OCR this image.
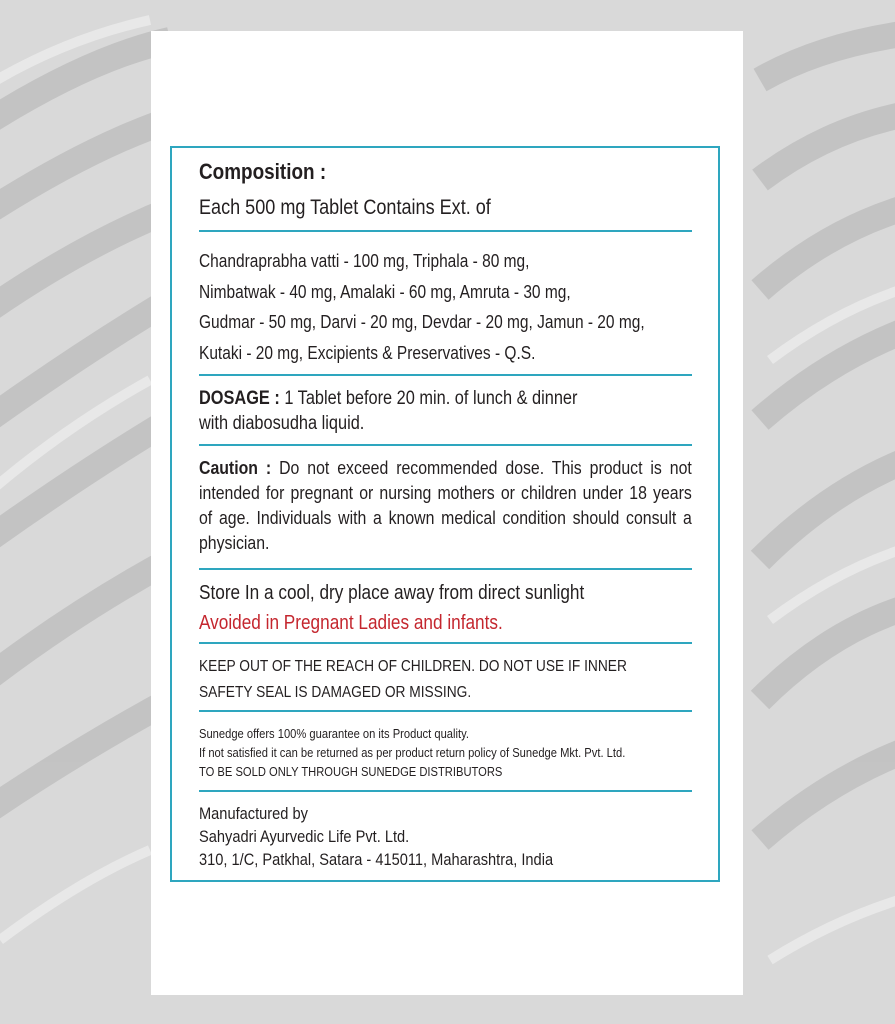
Composition :
Each 500 mg Tablet Contains Ext. of
Chandraprabha vatti - 100 mg, Triphala - 80 mg,
Nimbatwak - 40 mg, Amalaki - 60 mg, Amruta - 30 mg,
Gudmar - 50 mg, Darvi - 20 mg, Devdar - 20 mg, Jamun - 20 mg,
Kutaki - 20 mg, Excipients & Preservatives - Q.S.
DOSAGE : 1 Tablet before 20 min. of lunch & dinner
with diabosudha liquid.
Caution : Do not exceed recommended dose. This product is not intended for pregnant or nursing mothers or children under 18 years of age. Individuals with a known medical condition should consult a physician.
Store In a cool, dry place away from direct sunlight
Avoided in Pregnant Ladies and infants.
KEEP OUT OF THE REACH OF CHILDREN. DO NOT USE IF INNER
SAFETY SEAL IS DAMAGED OR MISSING.
Sunedge offers 100% guarantee on its Product quality.
If not satisfied it can be returned as per product return policy of Sunedge Mkt. Pvt. Ltd.
TO BE SOLD ONLY THROUGH SUNEDGE DISTRIBUTORS
Manufactured by
Sahyadri Ayurvedic Life Pvt. Ltd.
310, 1/C, Patkhal, Satara - 415011, Maharashtra, India
